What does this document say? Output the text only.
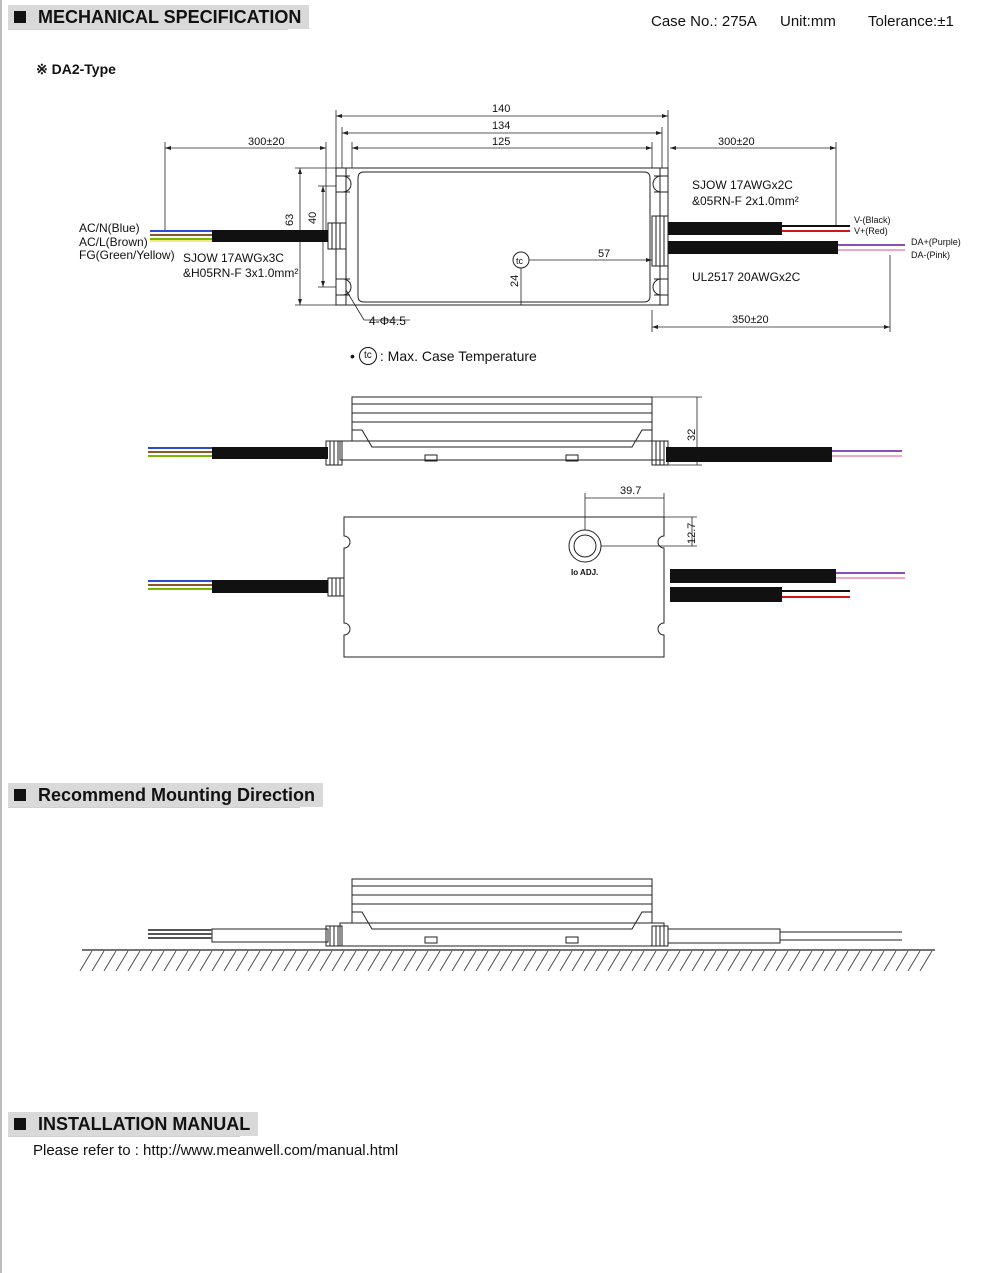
MECHANICAL SPECIFICATION	Case No.: 275A Unit:mm Tolerance:±1
※ DA2-Type
140
134
125
300±20	300±20
63 40
57
24
350±20
32
39.7
12.7
AC/N(Blue)
AC/L(Brown)
FG(Green/Yellow) SJOW 17AWGx3C
&H05RN-F 3x1.0mm²
SJOW 17AWGx2C
&05RN-F 2x1.0mm²
V-(Black)
V+(Red)
DA+(Purple)
DA-(Pink)
UL2517 20AWGx2C
4-Φ4.5
tc
Io ADJ.
• tc : Max. Case Temperature
Recommend Mounting Direction
INSTALLATION MANUAL
Please refer to : http://www.meanwell.com/manual.html
